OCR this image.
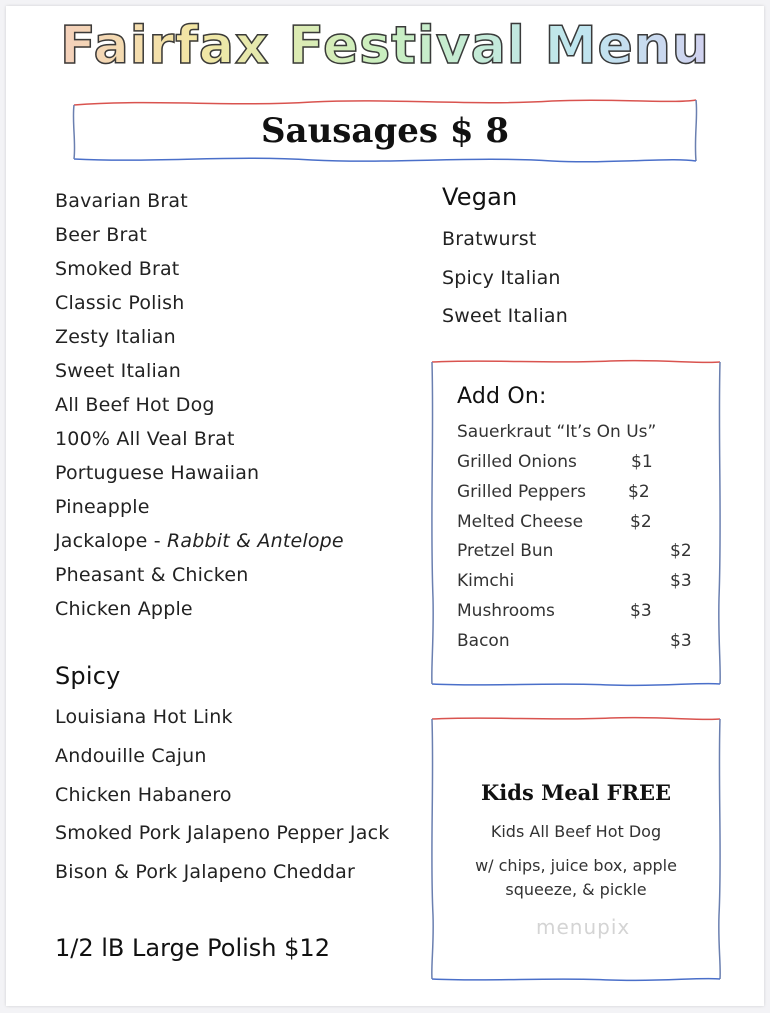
Fairfax Festival Menu
Sausages $ 8
Bavarian Brat
Beer Brat
Smoked Brat
Classic Polish
Zesty Italian
Sweet Italian
All Beef Hot Dog
100% All Veal Brat
Portuguese Hawaiian
Pineapple
Jackalope - Rabbit & Antelope
Pheasant & Chicken
Chicken Apple
Spicy
Louisiana Hot Link
Andouille Cajun
Chicken Habanero
Smoked Pork Jalapeno Pepper Jack
Bison & Pork Jalapeno Cheddar
Vegan
Bratwurst
Spicy Italian
Sweet Italian
Add On:
Sauerkraut “It’s On Us”
Grilled Onions	$1
Grilled Peppers $2
Melted Cheese	$2
Pretzel Bun	$2
Kimchi	$3
Mushrooms	$3
Bacon	$3
Kids Meal FREE
Kids All Beef Hot Dog
w/ chips, juice box, apple
squeeze, & pickle
menupix
1/2 lB Large Polish $12
